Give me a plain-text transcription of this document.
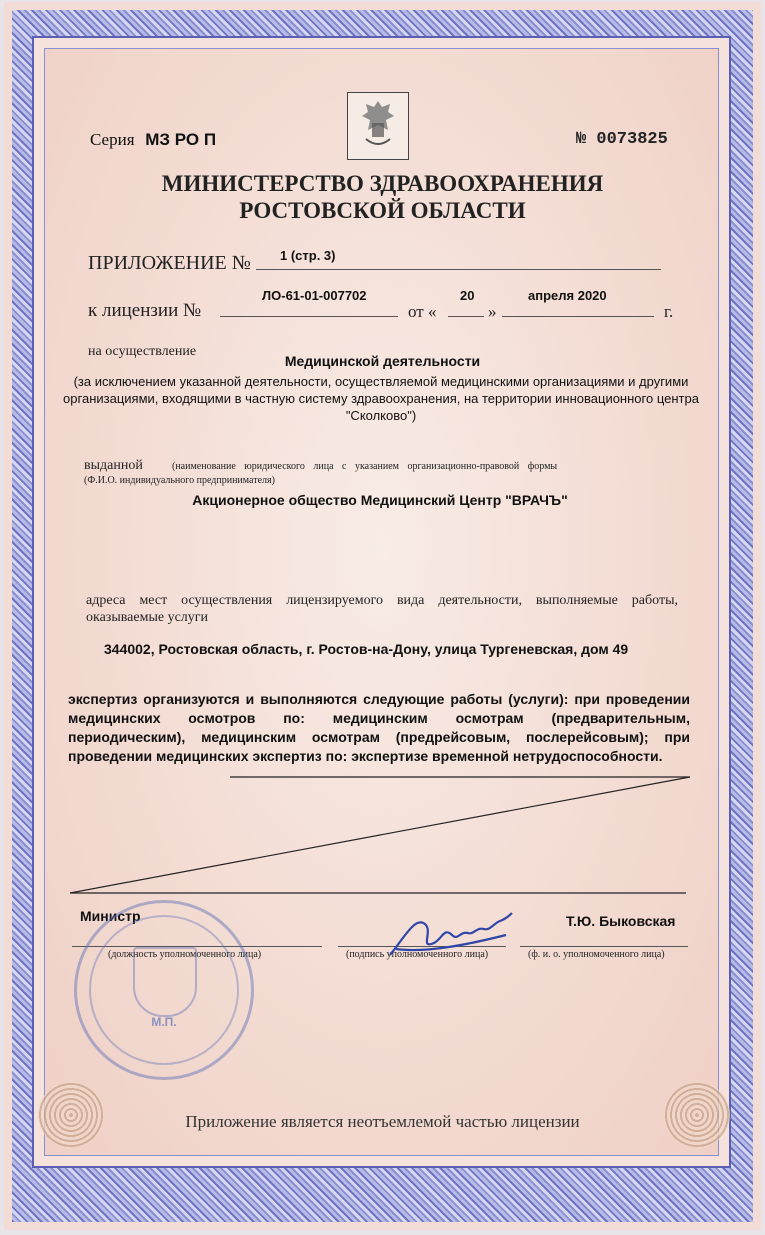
Серия МЗ РО П	№ 0073825
МИНИСТЕРСТВО ЗДРАВООХРАНЕНИЯ
РОСТОВСКОЙ ОБЛАСТИ
ПРИЛОЖЕНИЕ № 1 (стр. 3)
к лицензии №
ЛО-61-01-007702
от «
20
»
апреля 2020
г.
на осуществление
Медицинской деятельности
(за исключением указанной деятельности, осуществляемой медицинскими организациями и другими организациями, входящими в частную систему здравоохранения, на территории инновационного центра "Сколково")
выданной	(наименование юридического лица с указанием организационно-правовой формы
(Ф.И.О. индивидуального предпринимателя)
Акционерное общество Медицинский Центр "ВРАЧЪ"
адреса мест осуществления лицензируемого вида деятельности, выполняемые работы, оказываемые услуги
344002, Ростовская область, г. Ростов-на-Дону, улица Тургеневская, дом 49
экспертиз организуются и выполняются следующие работы (услуги): при проведении медицинских осмотров по: медицинским осмотрам (предварительным, периодическим), медицинским осмотрам (предрейсовым, послерейсовым); при проведении медицинских экспертиз по: экспертизе временной нетрудоспособности.
Министр
(должность уполномоченного лица)	(подпись уполномоченного лица)
Т.Ю. Быковская
(ф. и. о. уполномоченного лица)
М.П.
Приложение является неотъемлемой частью лицензии
